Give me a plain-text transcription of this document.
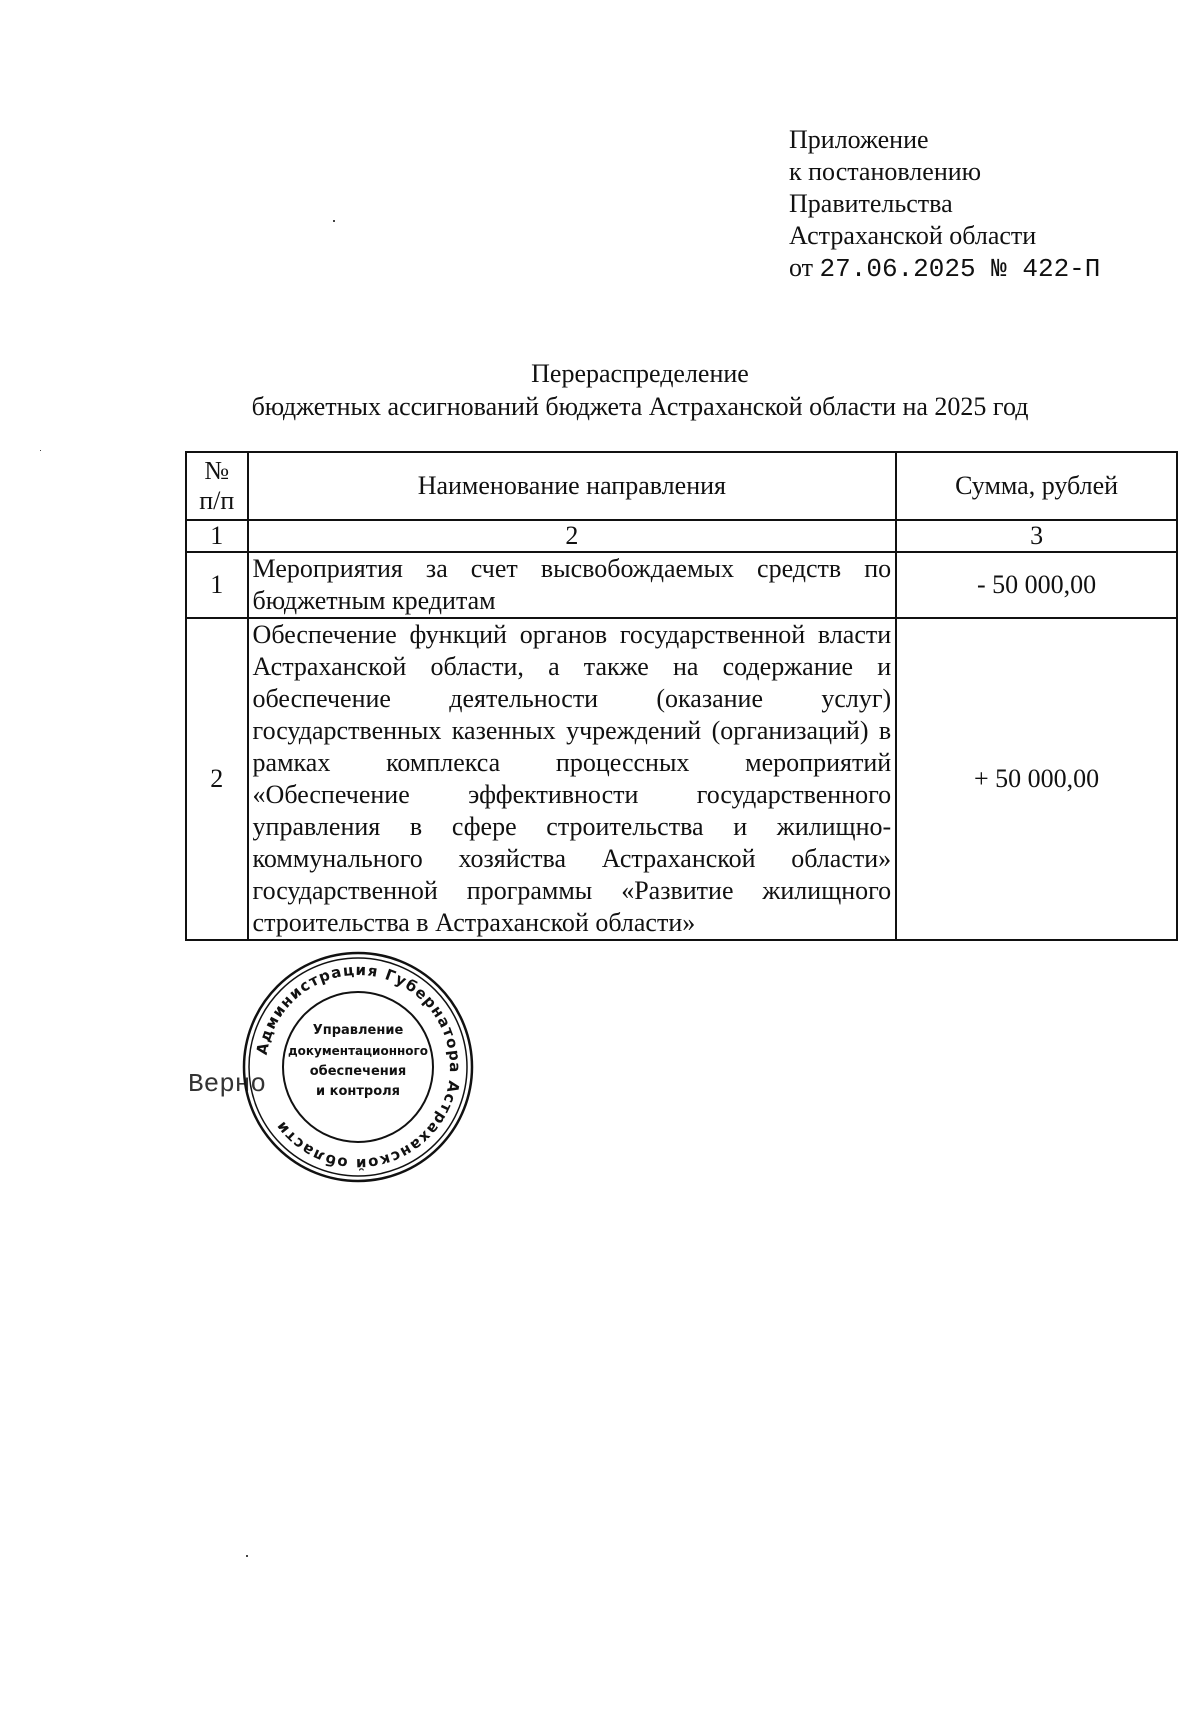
Приложение
к постановлению
Правительства
Астраханской области
от 27.06.2025 № 422-П
Перераспределение
бюджетных ассигнований бюджета Астраханской области на 2025 год
№ п/п	Наименование направления	Сумма, рублей
1	2	3
1	Мероприятия за счет высвобождаемых средств по бюджетным кредитам	- 50 000,00
2	Обеспечение функций органов государственной власти Астраханской области, а также на содержание и обеспечение деятельности (оказание услуг) государственных казенных учреждений (организаций) в рамках комплекса процессных мероприятий «Обеспечение эффективности государственного управления в сфере строительства и жилищно-коммунального хозяйства Астраханской области» государственной программы «Развитие жилищного строительства в Астраханской области»	+ 50 000,00
Верно
Администрация Губернатора Астраханской области
Управление
документационного
обеспечения
и контроля
